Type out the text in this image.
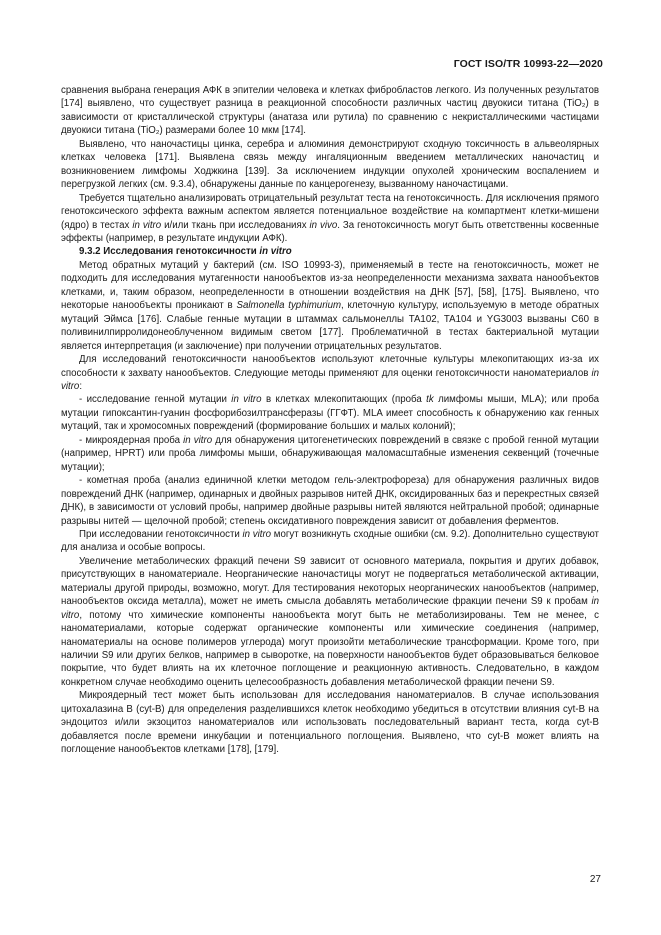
ГОСТ ISO/TR 10993-22—2020

сравнения выбрана генерация АФК в эпителии человека и клетках фибробластов легкого. Из полученных результатов [174] выявлено, что существует разница в реакционной способности различных частиц двуокиси титана (TiO₂) в зависимости от кристаллической структуры (анатаза или рутила) по сравнению с некристаллическими частицами двуокиси титана (TiO₂) размерами более 10 мкм [174].

Выявлено, что наночастицы цинка, серебра и алюминия демонстрируют сходную токсичность в альвеолярных клетках человека [171]. Выявлена связь между ингаляционным введением металлических наночастиц и возникновением лимфомы Ходжкина [139]. За исключением индукции опухолей хроническим воспалением и перегрузкой легких (см. 9.3.4), обнаружены данные по канцерогенезу, вызванному наночастицами.

Требуется тщательно анализировать отрицательный результат теста на генотоксичность. Для исключения прямого генотоксического эффекта важным аспектом является потенциальное воздействие на компартмент клетки-мишени (ядро) в тестах in vitro и/или ткань при исследованиях in vivo. За генотоксичность могут быть ответственны косвенные эффекты (например, в результате индукции АФК).

9.3.2 Исследования генотоксичности in vitro

Метод обратных мутаций у бактерий (см. ISO 10993-3), применяемый в тесте на генотоксичность, может не подходить для исследования мутагенности нанообъектов из-за неопределенности механизма захвата нанообъектов клетками, и, таким образом, неопределенности в отношении воздействия на ДНК [57], [58], [175]. Выявлено, что некоторые нанообъекты проникают в Salmonella typhimurium, клеточную культуру, используемую в методе обратных мутаций Эймса [176]. Слабые генные мутации в штаммах сальмонеллы TA102, TA104 и YG3003 вызваны C60 в поливинилпирролидонеоблученном видимым светом [177]. Проблематичной в тестах бактериальной мутации является интерпретация (и заключение) при получении отрицательных результатов.

Для исследований генотоксичности нанообъектов используют клеточные культуры млекопитающих из-за их способности к захвату нанообъектов. Следующие методы применяют для оценки генотоксичности наноматериалов in vitro:

- исследование генной мутации in vitro в клетках млекопитающих (проба tk лимфомы мыши, MLA); или проба мутации гипоксантин-гуанин фосфорибозилтрансферазы (ГГФТ). MLA имеет способность к обнаружению как генных мутаций, так и хромосомных повреждений (формирование больших и малых колоний);

- микроядерная проба in vitro для обнаружения цитогенетических повреждений в связке с пробой генной мутации (например, HPRT) или проба лимфомы мыши, обнаруживающая маломасштабные изменения секвенций (точечные мутации);

- кометная проба (анализ единичной клетки методом гель-электрофореза) для обнаружения различных видов повреждений ДНК (например, одинарных и двойных разрывов нитей ДНК, оксидированных баз и перекрестных связей ДНК), в зависимости от условий пробы, например двойные разрывы нитей являются нейтральной пробой; одинарные разрывы нитей — щелочной пробой; степень оксидативного повреждения зависит от добавления ферментов.

При исследовании генотоксичности in vitro могут возникнуть сходные ошибки (см. 9.2). Дополнительно существуют для анализа и особые вопросы.

Увеличение метаболических фракций печени S9 зависит от основного материала, покрытия и других добавок, присутствующих в наноматериале. Неорганические наночастицы могут не подвергаться метаболической активации, материалы другой природы, возможно, могут. Для тестирования некоторых неорганических нанообъектов (например, нанообъектов оксида металла), может не иметь смысла добавлять метаболические фракции печени S9 к пробам in vitro, потому что химические компоненты нанообъекта могут быть не метаболизированы. Тем не менее, с наноматериалами, которые содержат органические компоненты или химические соединения (например, наноматериалы на основе полимеров углерода) могут произойти метаболические трансформации. Кроме того, при наличии S9 или других белков, например в сыворотке, на поверхности нанообъектов будет образовываться белковое покрытие, что будет влиять на их клеточное поглощение и реакционную активность. Следовательно, в каждом конкретном случае необходимо оценить целесообразность добавления метаболической фракции печени S9.

Микроядерный тест может быть использован для исследования наноматериалов. В случае использования цитохалазина B (cyt-B) для определения разделившихся клеток необходимо убедиться в отсутствии влияния cyt-B на эндоцитоз и/или экзоцитоз наноматериалов или использовать последовательный вариант теста, когда cyt-B добавляется после времени инкубации и потенциального поглощения. Выявлено, что cyt-B может влиять на поглощение нанообъектов клетками [178], [179].

27
